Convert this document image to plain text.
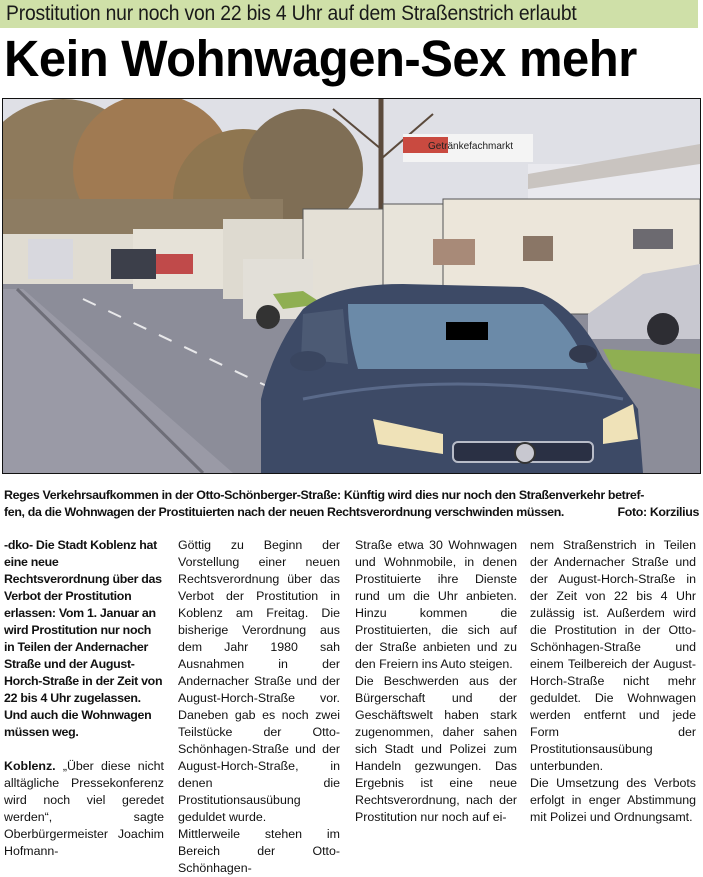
Prostitution nur noch von 22 bis 4 Uhr auf dem Straßenstrich erlaubt
Kein Wohnwagen-Sex mehr
Getränkefachmarkt
Reges Verkehrsaufkommen in der Otto-Schönberger-Straße: Künftig wird dies nur noch den Straßenverkehr betref-
fen, da die Wohnwagen der Prostituierten nach der neuen Rechtsverordnung verschwinden müssen.	Foto: Korzilius

-dko- Die Stadt Koblenz hat eine neue Rechtsverordnung über das Verbot der Prostitution erlassen: Vom 1. Januar an wird Prostitution nur noch in Teilen der Andernacher Straße und der August-Horch-Straße in der Zeit von 22 bis 4 Uhr zugelassen. Und auch die Wohnwagen müssen weg.

Koblenz. „Über diese nicht alltägliche Pressekonferenz wird noch viel geredet werden“, sagte Oberbürgermeister Joachim Hofmann-

Göttig zu Beginn der Vorstellung einer neuen Rechtsverordnung über das Verbot der Prostitution in Koblenz am Freitag. Die bisherige Verordnung aus dem Jahr 1980 sah Ausnahmen in der Andernacher Straße und der August-Horch-Straße vor. Daneben gab es noch zwei Teilstücke der Otto-Schönhagen-Straße und der August-Horch-Straße, in denen die Prostitutionsausübung geduldet wurde.

Mittlerweile stehen im Bereich der Otto-Schönhagen-

Straße etwa 30 Wohnwagen und Wohnmobile, in denen Prostituierte ihre Dienste rund um die Uhr anbieten. Hinzu kommen die Prostituierten, die sich auf der Straße anbieten und zu den Freiern ins Auto steigen.

Die Beschwerden aus der Bürgerschaft und der Geschäftswelt haben stark zugenommen, daher sahen sich Stadt und Polizei zum Handeln gezwungen. Das Ergebnis ist eine neue Rechtsverordnung, nach der Prostitution nur noch auf ei-

nem Straßenstrich in Teilen der Andernacher Straße und der August-Horch-Straße in der Zeit von 22 bis 4 Uhr zulässig ist. Außerdem wird die Prostitution in der Otto-Schönhagen-Straße und einem Teilbereich der August-Horch-Straße nicht mehr geduldet. Die Wohnwagen werden entfernt und jede Form der Prostitutionsausübung unterbunden.

Die Umsetzung des Verbots erfolgt in enger Abstimmung mit Polizei und Ordnungsamt.
